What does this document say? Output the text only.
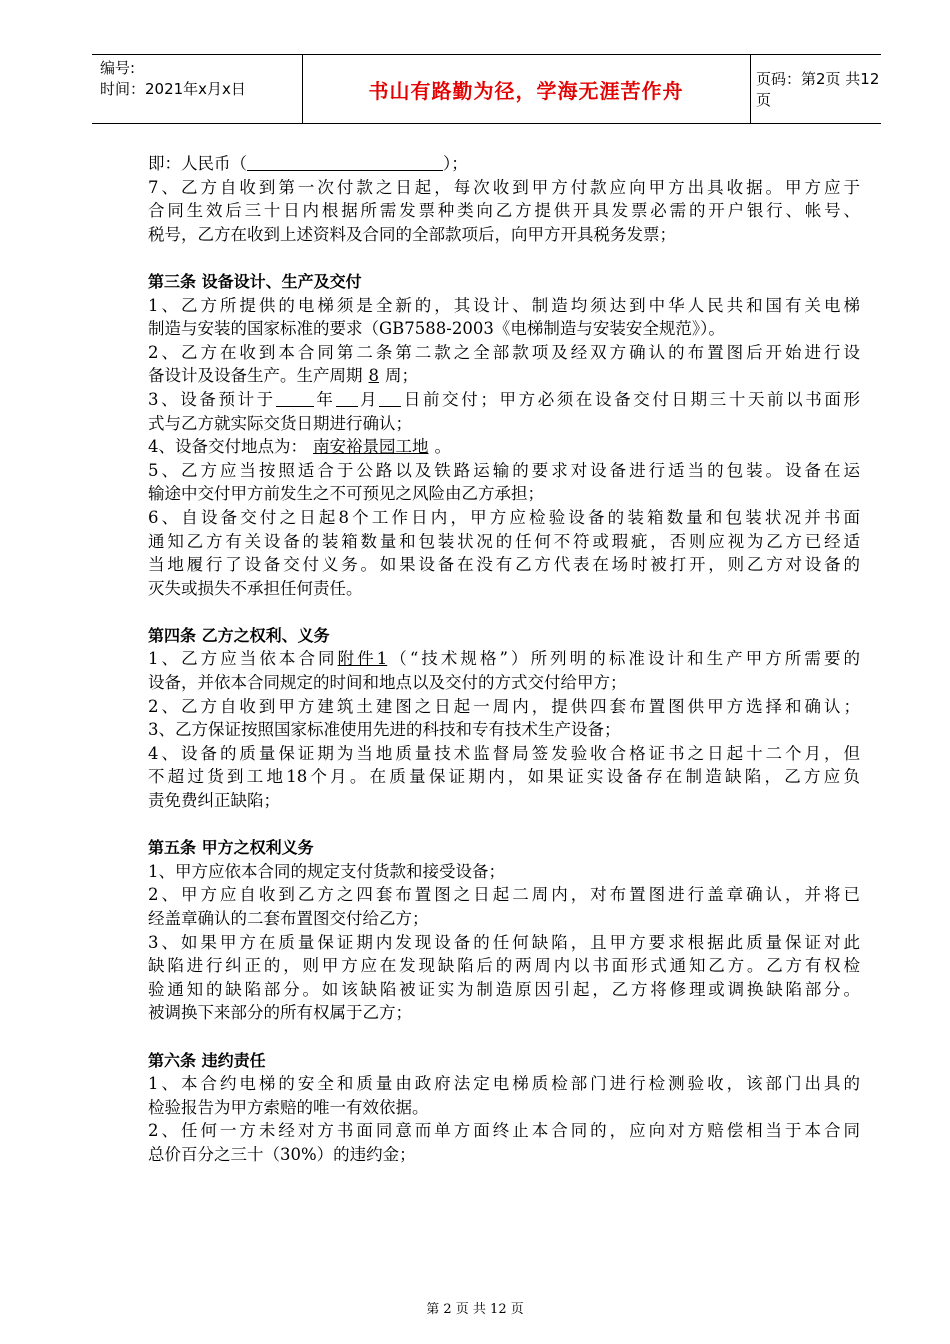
编号:
时间：2021年x月x日	书山有路勤为径，学海无涯苦作舟	页码：第2页 共12页
即：人民币（	）；
7、乙方自收到第一次付款之日起，每次收到甲方付款应向甲方出具收据。甲方应于
合同生效后三十日内根据所需发票种类向乙方提供开具发票必需的开户银行、帐号、
税号，乙方在收到上述资料及合同的全部款项后，向甲方开具税务发票；
第三条 设备设计、生产及交付
1、乙方所提供的电梯须是全新的，其设计、制造均须达到中华人民共和国有关电梯
制造与安装的国家标准的要求（GB7588-2003《电梯制造与安装安全规范》）。
2、乙方在收到本合同第二条第二款之全部款项及经双方确认的布置图后开始进行设
备设计及设备生产。生产周期 8 周；
3、设备预计于 年 月 日前交付；甲方必须在设备交付日期三十天前以书面形
式与乙方就实际交货日期进行确认；
4、设备交付地点为： 南安裕景园工地 。
5、乙方应当按照适合于公路以及铁路运输的要求对设备进行适当的包装。设备在运
输途中交付甲方前发生之不可预见之风险由乙方承担；
6、自设备交付之日起8个工作日内，甲方应检验设备的装箱数量和包装状况并书面
通知乙方有关设备的装箱数量和包装状况的任何不符或瑕疵，否则应视为乙方已经适
当地履行了设备交付义务。如果设备在没有乙方代表在场时被打开，则乙方对设备的
灭失或损失不承担任何责任。
第四条 乙方之权利、义务
1、乙方应当依本合同附件1（“技术规格”）所列明的标准设计和生产甲方所需要的
设备，并依本合同规定的时间和地点以及交付的方式交付给甲方；
2、乙方自收到甲方建筑土建图之日起一周内，提供四套布置图供甲方选择和确认；
3、乙方保证按照国家标准使用先进的科技和专有技术生产设备；
4、设备的质量保证期为当地质量技术监督局签发验收合格证书之日起十二个月，但
不超过货到工地18个月。在质量保证期内，如果证实设备存在制造缺陷，乙方应负
责免费纠正缺陷；
第五条 甲方之权利义务
1、甲方应依本合同的规定支付货款和接受设备；
2、甲方应自收到乙方之四套布置图之日起二周内，对布置图进行盖章确认，并将已
经盖章确认的二套布置图交付给乙方；
3、如果甲方在质量保证期内发现设备的任何缺陷，且甲方要求根据此质量保证对此
缺陷进行纠正的，则甲方应在发现缺陷后的两周内以书面形式通知乙方。乙方有权检
验通知的缺陷部分。如该缺陷被证实为制造原因引起，乙方将修理或调换缺陷部分。
被调换下来部分的所有权属于乙方；
第六条 违约责任
1、本合约电梯的安全和质量由政府法定电梯质检部门进行检测验收，该部门出具的
检验报告为甲方索赔的唯一有效依据。
2、任何一方未经对方书面同意而单方面终止本合同的，应向对方赔偿相当于本合同
总价百分之三十（30%）的违约金；
第 2 页 共 12 页
